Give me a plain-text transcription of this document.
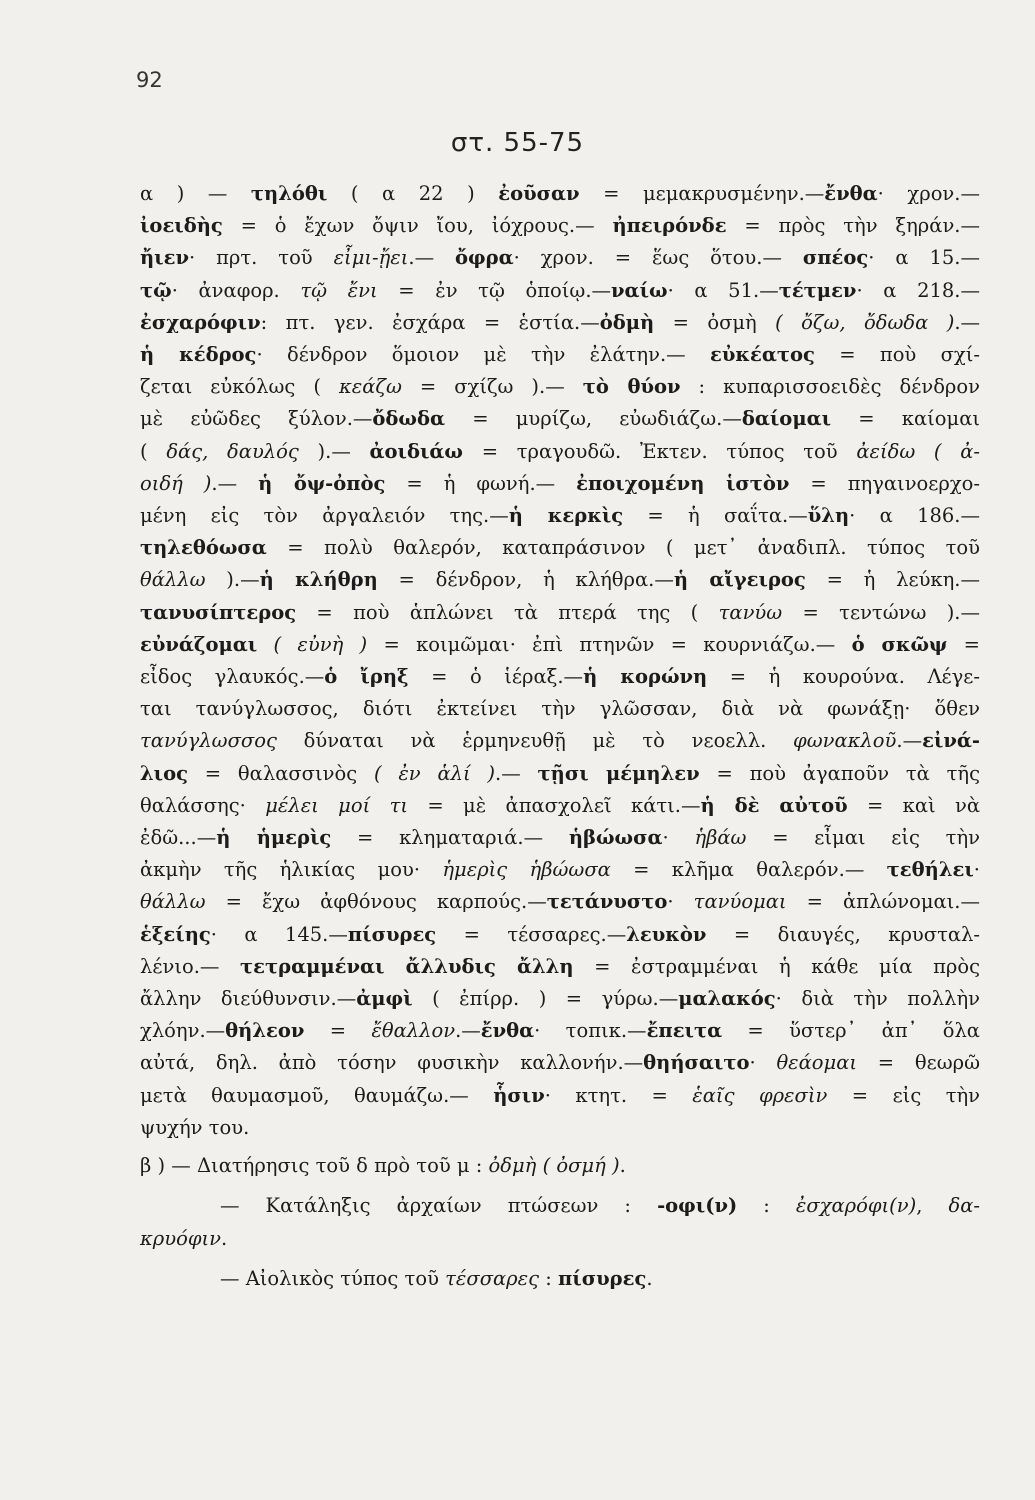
92
στ. 55-75
α ) — τηλόθι ( α 22 ) ἐοῦσαν = μεμακρυσμένην.—ἔνθα· χρον.—
ἰοειδὴς = ὁ ἔχων ὄψιν ἴου, ἰόχρους.— ἠπειρόνδε = πρὸς τὴν ξηράν.—
ἤιεν· πρτ. τοῦ εἶμι-ᾔει.— ὄφρα· χρον. = ἕως ὅτου.— σπέος· α 15.—
τῷ· ἀναφορ. τῷ ἔνι = ἐν τῷ ὁποίῳ.—ναίω· α 51.—τέτμεν· α 218.—
ἐσχαρόφιν: πτ. γεν. ἐσχάρα = ἑστία.—ὀδμὴ = ὀσμὴ ( ὄζω, ὄδωδα ).—
ἡ κέδρος· δένδρον ὅμοιον μὲ τὴν ἐλάτην.— εὐκέατος = ποὺ σχί-
ζεται εὐκόλως ( κεάζω = σχίζω ).— τὸ θύον : κυπαρισσοειδὲς δένδρον
μὲ εὐῶδες ξύλον.—ὄδωδα = μυρίζω, εὐωδιάζω.—δαίομαι = καίομαι
( δάς, δαυλός ).— ἀοιδιάω = τραγουδῶ. Ἐκτεν. τύπος τοῦ ἀείδω ( ἀ-
οιδή ).— ἡ ὄψ-ὀπὸς = ἡ φωνή.— ἐποιχομένη ἱστὸν = πηγαινοερχο-
μένη εἰς τὸν ἀργαλειόν της.—ἡ κερκὶς = ἡ σαΐτα.—ὕλη· α 186.—
τηλεθόωσα = πολὺ θαλερόν, καταπράσινον ( μετ᾽ ἀναδιπλ. τύπος τοῦ
θάλλω ).—ἡ κλήθρη = δένδρον, ἡ κλήθρα.—ἡ αἴγειρος = ἡ λεύκη.—
τανυσίπτερος = ποὺ ἁπλώνει τὰ πτερά της ( τανύω = τεντώνω ).—
εὐνάζομαι ( εὐνὴ ) = κοιμῶμαι· ἐπὶ πτηνῶν = κουρνιάζω.— ὁ σκῶψ =
εἶδος γλαυκός.—ὁ ἴρηξ = ὁ ἱέραξ.—ἡ κορώνη = ἡ κουρούνα. Λέγε-
ται τανύγλωσσος, διότι ἐκτείνει τὴν γλῶσσαν, διὰ νὰ φωνάξῃ· ὅθεν
τανύγλωσσος δύναται νὰ ἑρμηνευθῇ μὲ τὸ νεοελλ. φωνακλοῦ.—εἰνά-
λιος = θαλασσινὸς ( ἐν ἁλί ).— τῇσι μέμηλεν = ποὺ ἀγαποῦν τὰ τῆς
θαλάσσης· μέλει μοί τι = μὲ ἀπασχολεῖ κάτι.—ἡ δὲ αὐτοῦ = καὶ νὰ
ἐδῶ...—ἡ ἡμερὶς = κληματαριά.— ἡβώωσα· ἡβάω = εἶμαι εἰς τὴν
ἀκμὴν τῆς ἡλικίας μου· ἡμερὶς ἡβώωσα = κλῆμα θαλερόν.— τεθήλει·
θάλλω = ἔχω ἀφθόνους καρπούς.—τετάνυστο· τανύομαι = ἁπλώνομαι.—
ἑξείης· α 145.—πίσυρες = τέσσαρες.—λευκὸν = διαυγές, κρυσταλ-
λένιο.— τετραμμέναι ἄλλυδις ἄλλη = ἐστραμμέναι ἡ κάθε μία πρὸς
ἄλλην διεύθυνσιν.—ἀμφὶ ( ἐπίρρ. ) = γύρω.—μαλακός· διὰ τὴν πολλὴν
χλόην.—θήλεον = ἔθαλλον.—ἔνθα· τοπικ.—ἔπειτα = ὕστερ᾽ ἀπ᾽ ὅλα
αὐτά, δηλ. ἀπὸ τόσην φυσικὴν καλλονήν.—θηήσαιτο· θεάομαι = θεωρῶ
μετὰ θαυμασμοῦ, θαυμάζω.— ἧσιν· κτητ. = ἑαῖς φρεσὶν = εἰς τὴν
ψυχήν του.
β ) — Διατήρησις τοῦ δ πρὸ τοῦ μ : ὀδμὴ ( ὀσμή ).
— Κατάληξις ἀρχαίων πτώσεων : -οφι(ν) : ἐσχαρόφι(ν), δα-
κρυόφιν.
— Αἰολικὸς τύπος τοῦ τέσσαρες : πίσυρες.
